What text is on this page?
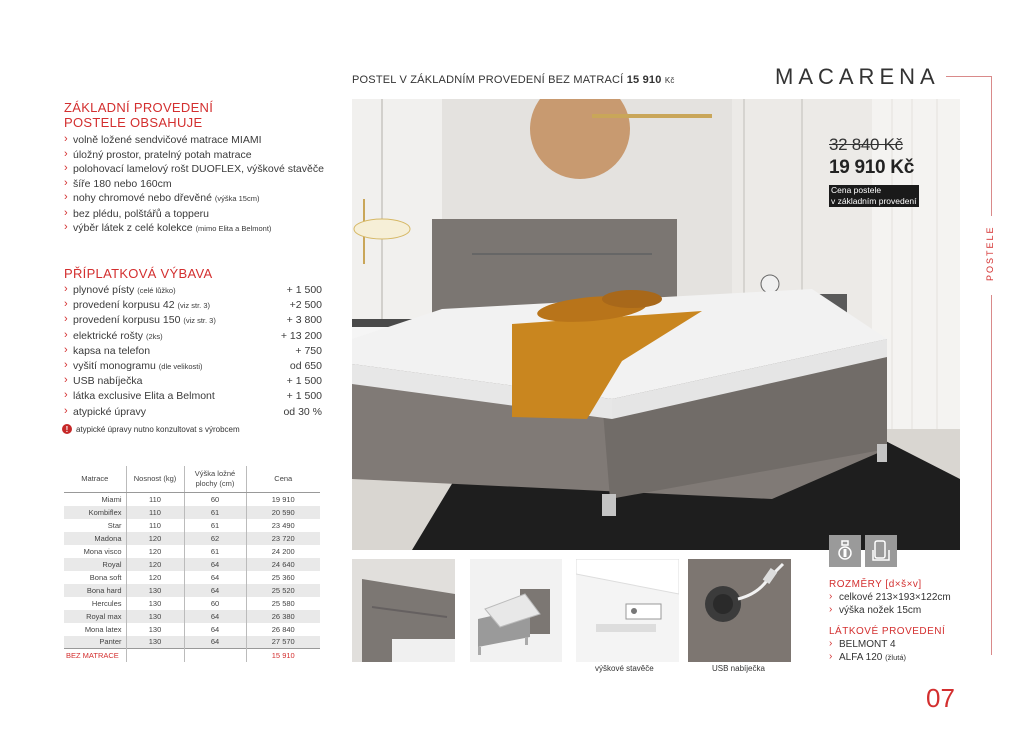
POSTEL V ZÁKLADNÍM PROVEDENÍ BEZ MATRACÍ 15 910 Kč	MACARENA
POSTELE
ZÁKLADNÍ PROVEDENÍ
POSTELE OBSAHUJE
› volně ložené sendvičové matrace MIAMI
› úložný prostor, pratelný potah matrace
› polohovací lamelový rošt DUOFLEX, výškové stavěče
› šíře 180 nebo 160cm
› nohy chromové nebo dřevěné (výška 15cm)
› bez plédu, polštářů a topperu
› výběr látek z celé kolekce (mimo Elita a Belmont)
PŘÍPLATKOVÁ VÝBAVA
› plynové písty (celé lůžko)	+ 1 500
› provedení korpusu 42 (viz str. 3)	+2 500
› provedení korpusu 150 (viz str. 3)	+ 3 800
› elektrické rošty (2ks)	+ 13 200
› kapsa na telefon	+ 750
› vyšití monogramu (dle velikosti)	od 650
› USB nabíječka	+ 1 500
› látka exclusive Elita a Belmont	+ 1 500
› atypické úpravy	od 30 %
! atypické úpravy nutno konzultovat s výrobcem
Matrace	Nosnost (kg)	Výška ložné plochy (cm)	Cena
Miami	110	60	19 910
Kombiflex	110	61	20 590
Star	110	61	23 490
Madona	120	62	23 720
Mona visco	120	61	24 200
Royal	120	64	24 640
Bona soft	120	64	25 360
Bona hard	130	64	25 520
Hercules	130	60	25 580
Royal max	130	64	26 380
Mona latex	130	64	26 840
Panter	130	64	27 570
BEZ MATRACE			15 910
32 840 Kč
19 910 Kč
Cena postele
v základním provedení
výškové stavěče	USB nabíječka
ROZMĚRY [d×š×v]
› celkové 213×193×122cm
› výška nožek 15cm
LÁTKOVÉ PROVEDENÍ
› BELMONT 4
› ALFA 120 (žlutá)
07
